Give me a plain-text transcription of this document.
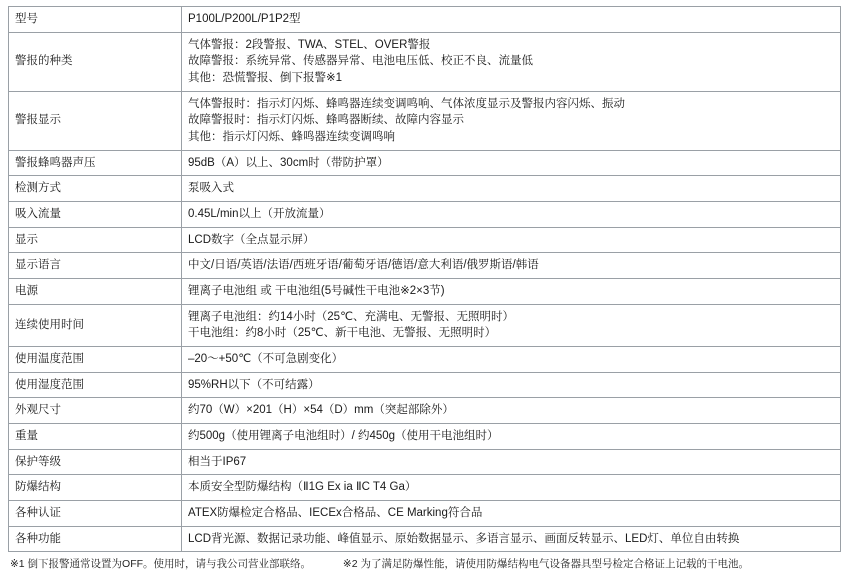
型号	P100L/P200L/P1P2型

警报的种类	气体警报：2段警报、TWA、STEL、OVER警报
故障警报：系统异常、传感器异常、电池电压低、校正不良、流量低
其他：恐慌警报、倒下报警※1

警报显示	气体警报时：指示灯闪烁、蜂鸣器连续变调鸣响、气体浓度显示及警报内容闪烁、振动
故障警报时：指示灯闪烁、蜂鸣器断续、故障内容显示
其他：指示灯闪烁、蜂鸣器连续变调鸣响

警报蜂鸣器声压	95dB（A）以上、30cm时（带防护罩）

检测方式	泵吸入式

吸入流量	0.45L/min以上（开放流量）

显示	LCD数字（全点显示屏）

显示语言	中文/日语/英语/法语/西班牙语/葡萄牙语/德语/意大利语/俄罗斯语/韩语

电源	锂离子电池组 或 干电池组(5号碱性干电池※2×3节)

连续使用时间	锂离子电池组：约14小时（25℃、充满电、无警报、无照明时）
干电池组：约8小时（25℃、新干电池、无警报、无照明时）

使用温度范围	–20～+50℃（不可急剧变化）

使用湿度范围	95%RH以下（不可结露）

外观尺寸	约70（W）×201（H）×54（D）mm（突起部除外）

重量	约500g（使用锂离子电池组时）/ 约450g（使用干电池组时）

保护等级	相当于IP67

防爆结构	本质安全型防爆结构（Ⅱ1G Ex ia ⅡC T4 Ga）

各种认证	ATEX防爆检定合格品、IECEx合格品、CE Marking符合品

各种功能	LCD背光源、数据记录功能、峰值显示、原始数据显示、多语言显示、画面反转显示、LED灯、单位自由转换
※1 倒下报警通常设置为OFF。使用时，请与我公司营业部联络。	※2 为了满足防爆性能，请使用防爆结构电气设备器具型号检定合格证上记载的干电池。
